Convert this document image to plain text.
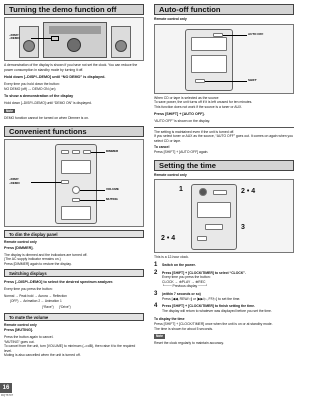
Turning the demo function off
–DISP/
–DEMO
A demonstration of the display is shown if you have not set the clock. You can reduce the power consumption in standby mode by turning it off.
Hold down [–DISP/–DEMO] until “NO DEMO” is displayed.
Every time you hold down the button:
NO DEMO (off) ↔ DEMO ON (on)
To show a demonstration of the display
Hold down [–DISP/–DEMO] until “DEMO ON” is displayed.
Note
DEMO function cannot be turned on when Dimmer is on.
Convenient functions
DIMMER
–DISP/
–DEMO
VOLUME
MUTING
To dim the display panel
Remote control only
Press [DIMMER].
The display is dimmed and the indicators are turned off.
(The AC supply indicator remains on.)
Press [DIMMER] again to restore the display.
Switching displays
Press [–DISP/–DEMO] to select the desired spectrum analyzer.
Every time you press the button:
Normal → Peak hold → Aurora → Reflection
(OFF) ← Animation 2 ← Animation 1
(“Rave”)      (“Drive”)
To mute the volume
Remote control only
Press [MUTING].
Press the button again to cancel.
“MUTING” goes out.
To cancel from the unit, turn [VOLUME] to minimum (–∞dB), then raise it to the required level.
Muting is also cancelled when the unit is turned off.
Auto-off function
Remote control only
AUTO OFF
SHIFT
When CD or tape is selected as the source
To save power, the unit turns off if it is left unused for ten minutes.
This function does not work if the source is a tuner or AUX.
Press [SHIFT] + [AUTO OFF].
“AUTO OFF” is shown on the display.
The setting is maintained even if the unit is turned off.
If you select tuner or AUX as the source, “AUTO OFF” goes out. It comes on again when you select CD or tape.
To cancel
Press [SHIFT] + [AUTO OFF] again.
Setting the time
Remote control only
1	2 • 4
3
2 • 4
This is a 12-hour clock.
1	Switch on the power.
2	Press [SHIFT] + [CLOCK/TIMER] to select “CLOCK”.
Every time you press the button:
CLOCK → ⊕PLAY → ⊕REC
└─── Previous display ───┘
3	(within 7 seconds or so)
Press [◀◀, REW/◁] or [▶▶/▷, FF/▷] to set the time.
4	Press [SHIFT] + [CLOCK/TIMER] to finish setting the time.
The display will return to whatever was displayed before you set the time.
To display the time
Press [SHIFT] + [CLOCK/TIMER] once when the unit is on or at standby mode.
The time is shown for about 5 seconds.
Note
Reset the clock regularly to maintain accuracy.
16
RQT6707
